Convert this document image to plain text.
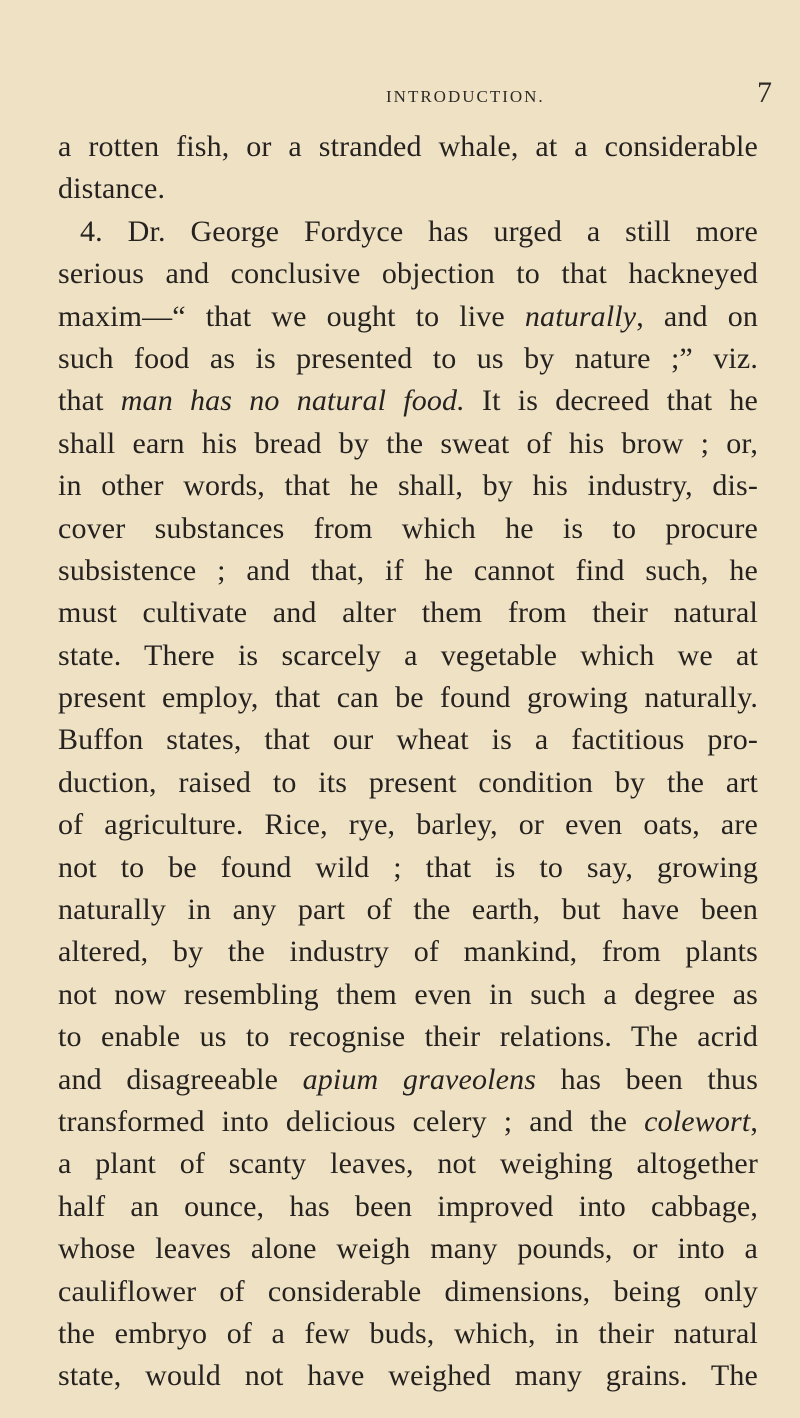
INTRODUCTION.	7
a rotten fish, or a stranded whale, at a considerable
distance.
4. Dr. George Fordyce has urged a still more
serious and conclusive objection to that hackneyed
maxim—“ that we ought to live naturally, and on
such food as is presented to us by nature ;” viz.
that man has no natural food. It is decreed that he
shall earn his bread by the sweat of his brow ; or,
in other words, that he shall, by his industry, dis-
cover substances from which he is to procure
subsistence ; and that, if he cannot find such, he
must cultivate and alter them from their natural
state. There is scarcely a vegetable which we at
present employ, that can be found growing naturally.
Buffon states, that our wheat is a factitious pro-
duction, raised to its present condition by the art
of agriculture. Rice, rye, barley, or even oats, are
not to be found wild ; that is to say, growing
naturally in any part of the earth, but have been
altered, by the industry of mankind, from plants
not now resembling them even in such a degree as
to enable us to recognise their relations. The acrid
and disagreeable apium graveolens has been thus
transformed into delicious celery ; and the colewort,
a plant of scanty leaves, not weighing altogether
half an ounce, has been improved into cabbage,
whose leaves alone weigh many pounds, or into a
cauliflower of considerable dimensions, being only
the embryo of a few buds, which, in their natural
state, would not have weighed many grains. The
